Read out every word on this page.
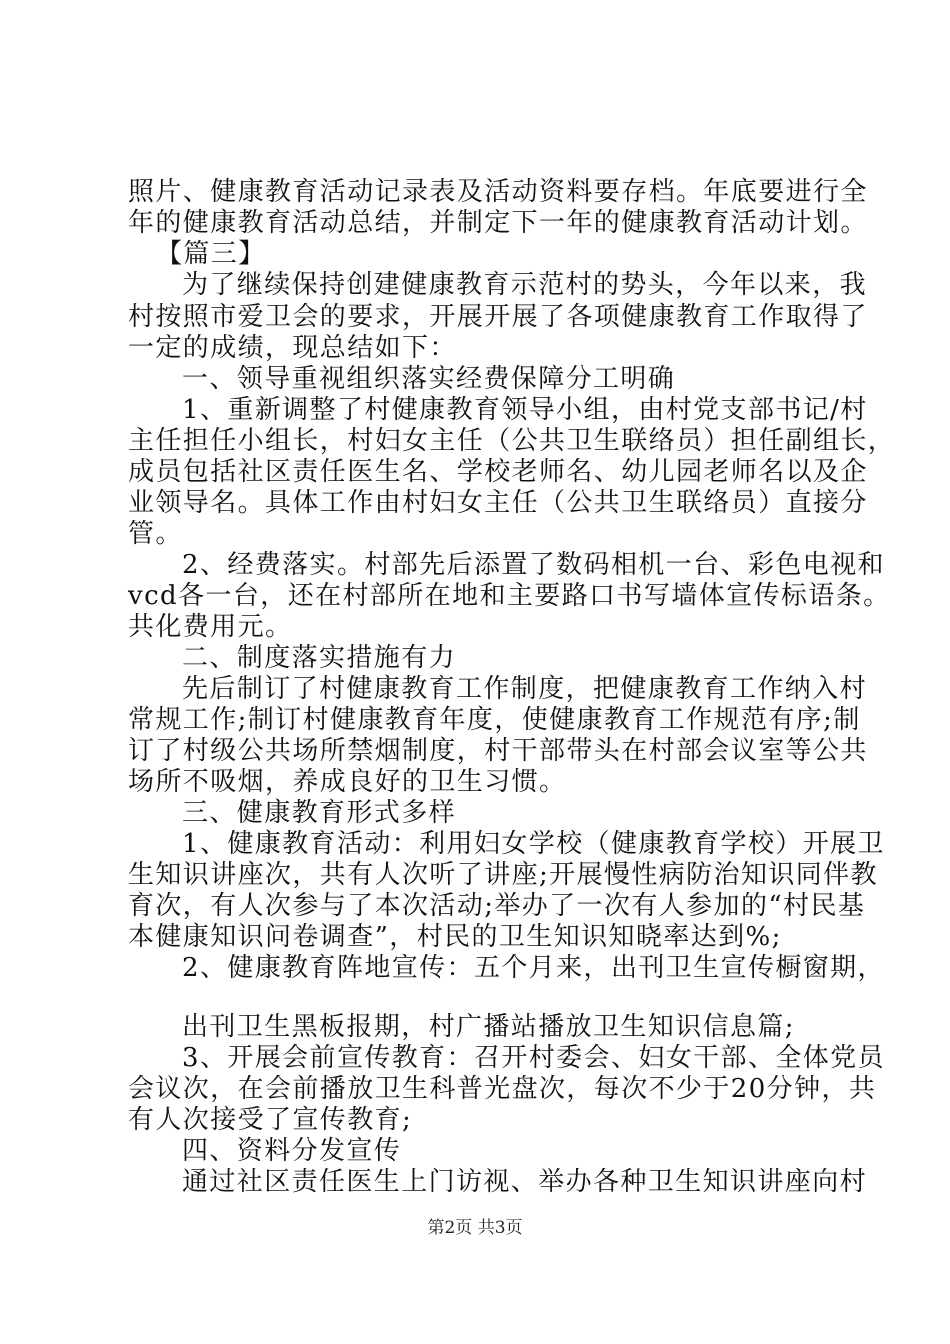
照片、健康教育活动记录表及活动资料要存档。年底要进行全
年的健康教育活动总结，并制定下一年的健康教育活动计划。
【篇三】
为了继续保持创建健康教育示范村的势头，今年以来，我
村按照市爱卫会的要求，开展开展了各项健康教育工作取得了
一定的成绩，现总结如下：
一、领导重视组织落实经费保障分工明确
1、重新调整了村健康教育领导小组，由村党支部书记/村
主任担任小组长，村妇女主任（公共卫生联络员）担任副组长，
成员包括社区责任医生名、学校老师名、幼儿园老师名以及企
业领导名。具体工作由村妇女主任（公共卫生联络员）直接分
管。
2、经费落实。村部先后添置了数码相机一台、彩色电视和
vcd各一台，还在村部所在地和主要路口书写墙体宣传标语条。
共化费用元。
二、制度落实措施有力
先后制订了村健康教育工作制度，把健康教育工作纳入村
常规工作;制订村健康教育年度，使健康教育工作规范有序;制
订了村级公共场所禁烟制度，村干部带头在村部会议室等公共
场所不吸烟，养成良好的卫生习惯。
三、健康教育形式多样
1、健康教育活动：利用妇女学校（健康教育学校）开展卫
生知识讲座次，共有人次听了讲座;开展慢性病防治知识同伴教
育次，有人次参与了本次活动;举办了一次有人参加的“村民基
本健康知识问卷调查”，村民的卫生知识知晓率达到%;
2、健康教育阵地宣传：五个月来，出刊卫生宣传橱窗期，
出刊卫生黑板报期，村广播站播放卫生知识信息篇;
3、开展会前宣传教育：召开村委会、妇女干部、全体党员
会议次，在会前播放卫生科普光盘次，每次不少于20分钟，共
有人次接受了宣传教育;
四、资料分发宣传
通过社区责任医生上门访视、举办各种卫生知识讲座向村
第2页 共3页
